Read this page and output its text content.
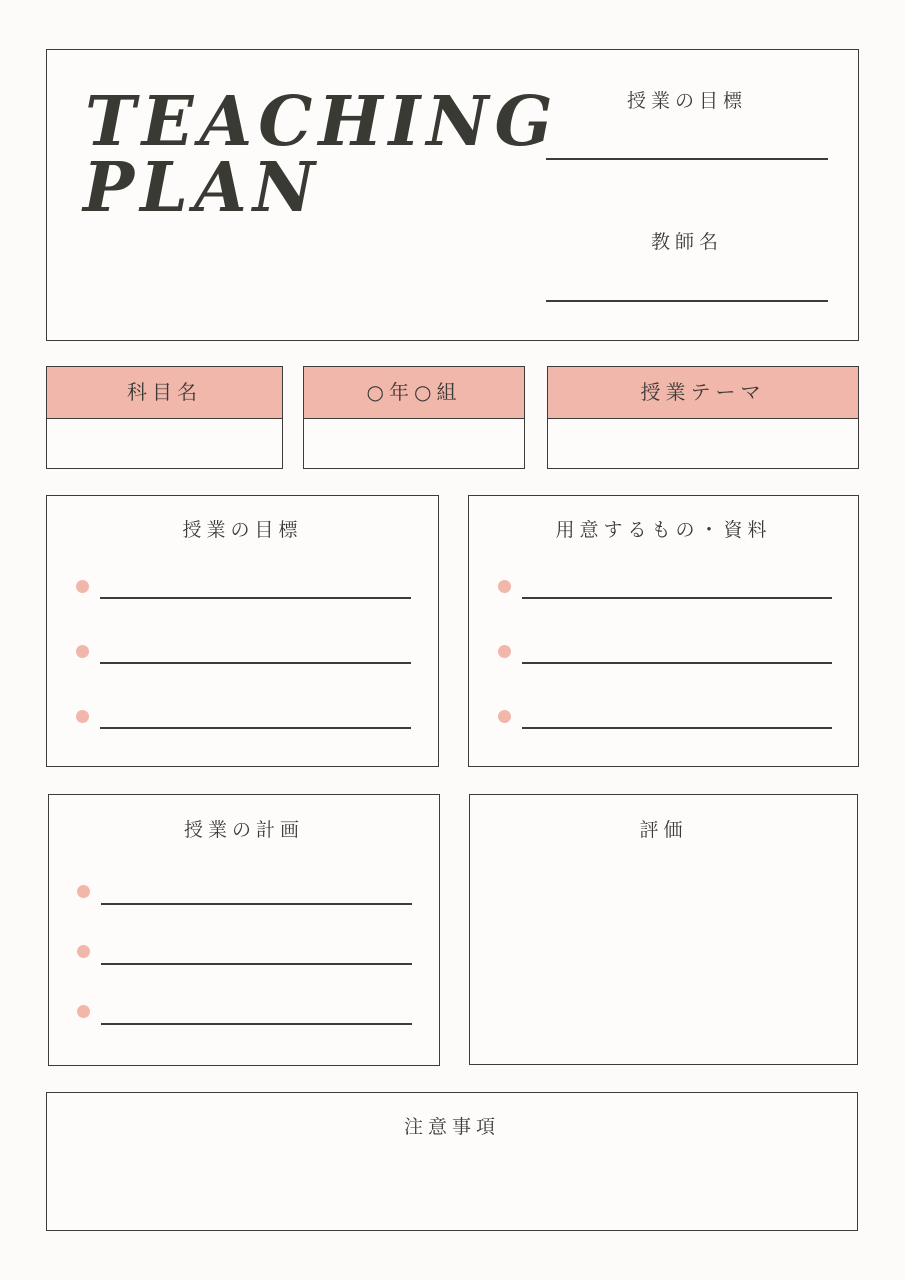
TEACHING
PLAN
授業の目標
教師名
科目名	○年○組	授業テーマ
授業の目標	用意するもの・資料
授業の計画	評価
注意事項
